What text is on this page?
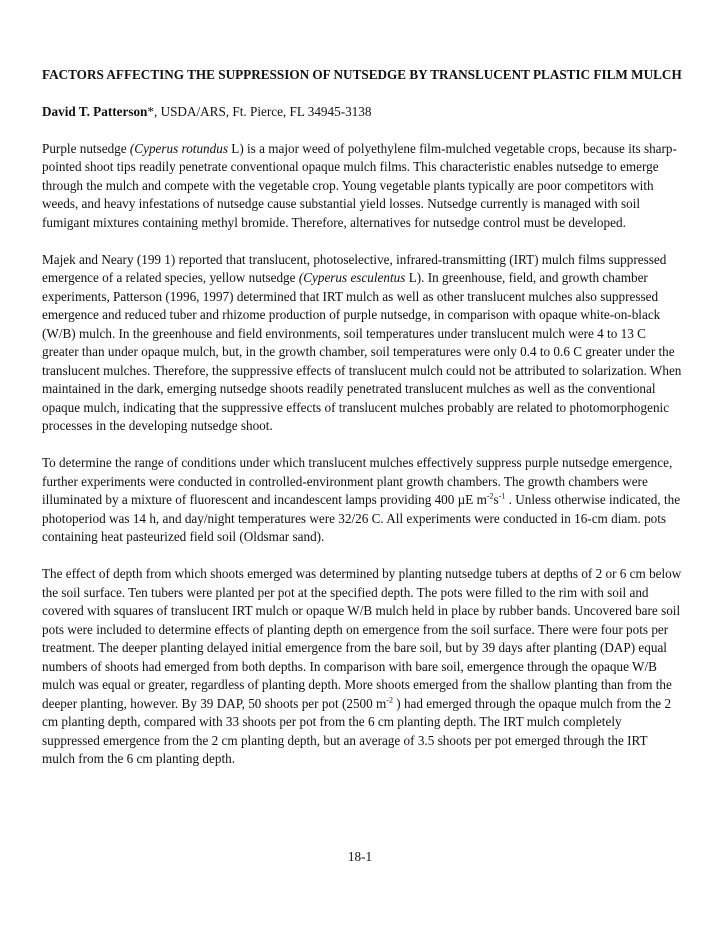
FACTORS AFFECTING THE SUPPRESSION OF NUTSEDGE BY TRANSLUCENT PLASTIC FILM MULCH
David T. Patterson*, USDA/ARS, Ft. Pierce, FL 34945-3138

Purple nutsedge (Cyperus rotundus L) is a major weed of polyethylene film-mulched vegetable crops, because its sharp-pointed shoot tips readily penetrate conventional opaque mulch films. This characteristic enables nutsedge to emerge through the mulch and compete with the vegetable crop. Young vegetable plants typically are poor competitors with weeds, and heavy infestations of nutsedge cause substantial yield losses. Nutsedge currently is managed with soil fumigant mixtures containing methyl bromide. Therefore, alternatives for nutsedge control must be developed.

Majek and Neary (199 1) reported that translucent, photoselective, infrared-transmitting (IRT) mulch films suppressed emergence of a related species, yellow nutsedge (Cyperus esculentus L). In greenhouse, field, and growth chamber experiments, Patterson (1996, 1997) determined that IRT mulch as well as other translucent mulches also suppressed emergence and reduced tuber and rhizome production of purple nutsedge, in comparison with opaque white-on-black (W/B) mulch. In the greenhouse and field environments, soil temperatures under translucent mulch were 4 to 13 C greater than under opaque mulch, but, in the growth chamber, soil temperatures were only 0.4 to 0.6 C greater under the translucent mulches. Therefore, the suppressive effects of translucent mulch could not be attributed to solarization. When maintained in the dark, emerging nutsedge shoots readily penetrated translucent mulches as well as the conventional opaque mulch, indicating that the suppressive effects of translucent mulches probably are related to photomorphogenic processes in the developing nutsedge shoot.

To determine the range of conditions under which translucent mulches effectively suppress purple nutsedge emergence, further experiments were conducted in controlled-environment plant growth chambers. The growth chambers were illuminated by a mixture of fluorescent and incandescent lamps providing 400 µE $m^{-2}s^{-1}$ . Unless otherwise indicated, the photoperiod was 14 h, and day/night temperatures were 32/26 C. All experiments were conducted in 16-cm diam. pots containing heat pasteurized field soil (Oldsmar sand).

The effect of depth from which shoots emerged was determined by planting nutsedge tubers at depths of 2 or 6 cm below the soil surface. Ten tubers were planted per pot at the specified depth. The pots were filled to the rim with soil and covered with squares of translucent IRT mulch or opaque W/B mulch held in place by rubber bands. Uncovered bare soil pots were included to determine effects of planting depth on emergence from the soil surface. There were four pots per treatment. The deeper planting delayed initial emergence from the bare soil, but by 39 days after planting (DAP) equal numbers of shoots had emerged from both depths. In comparison with bare soil, emergence through the opaque W/B mulch was equal or greater, regardless of planting depth. More shoots emerged from the shallow planting than from the deeper planting, however. By 39 DAP, 50 shoots per pot (2500 $m^{-2}$ ) had emerged through the opaque mulch from the 2 cm planting depth, compared with 33 shoots per pot from the 6 cm planting depth. The IRT mulch completely suppressed emergence from the 2 cm planting depth, but an average of 3.5 shoots per pot emerged through the IRT mulch from the 6 cm planting depth.

18-1
